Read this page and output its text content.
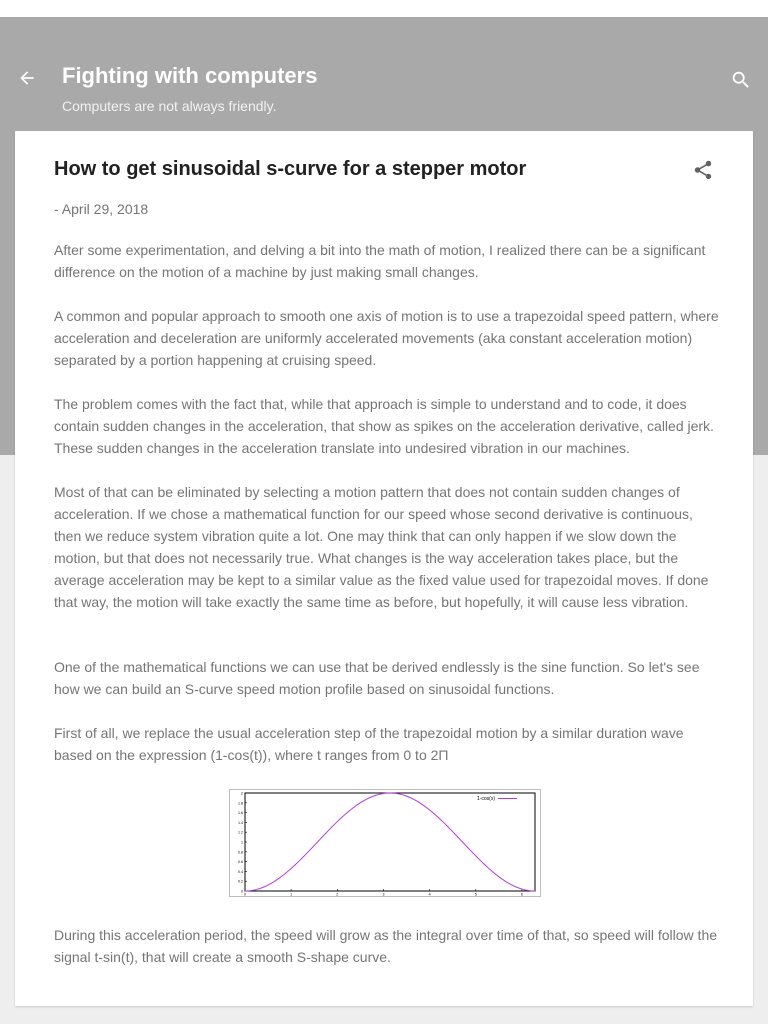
Fighting with computers
Computers are not always friendly.
How to get sinusoidal s-curve for a stepper motor
- April 29, 2018

After some experimentation, and delving a bit into the math of motion, I realized there can be a significant difference on the motion of a machine by just making small changes.

A common and popular approach to smooth one axis of motion is to use a trapezoidal speed pattern, where acceleration and deceleration are uniformly accelerated movements (aka constant acceleration motion) separated by a portion happening at cruising speed.

The problem comes with the fact that, while that approach is simple to understand and to code, it does contain sudden changes in the acceleration, that show as spikes on the acceleration derivative, called jerk. These sudden changes in the acceleration translate into undesired vibration in our machines.

Most of that can be eliminated by selecting a motion pattern that does not contain sudden changes of acceleration. If we chose a mathematical function for our speed whose second derivative is continuous, then we reduce system vibration quite a lot. One may think that can only happen if we slow down the motion, but that does not necessarily true. What changes is the way acceleration takes place, but the average acceleration may be kept to a similar value as the fixed value used for trapezoidal moves. If done that way, the motion will take exactly the same time as before, but hopefully, it will cause less vibration.

One of the mathematical functions we can use that be derived endlessly is the sine function. So let's see how we can build an S-curve speed motion profile based on sinusoidal functions.

First of all, we replace the usual acceleration step of the trapezoidal motion by a similar duration wave based on the expression (1-cos(t)), where t ranges from 0 to 2Π

0
0.2
0.4
0.6
0.8
1
1.2
1.4
1.6
1.8
2
0	1	2	3	4	5	6
1-cos(x)

During this acceleration period, the speed will grow as the integral over time of that, so speed will follow the signal t-sin(t), that will create a smooth S-shape curve.
